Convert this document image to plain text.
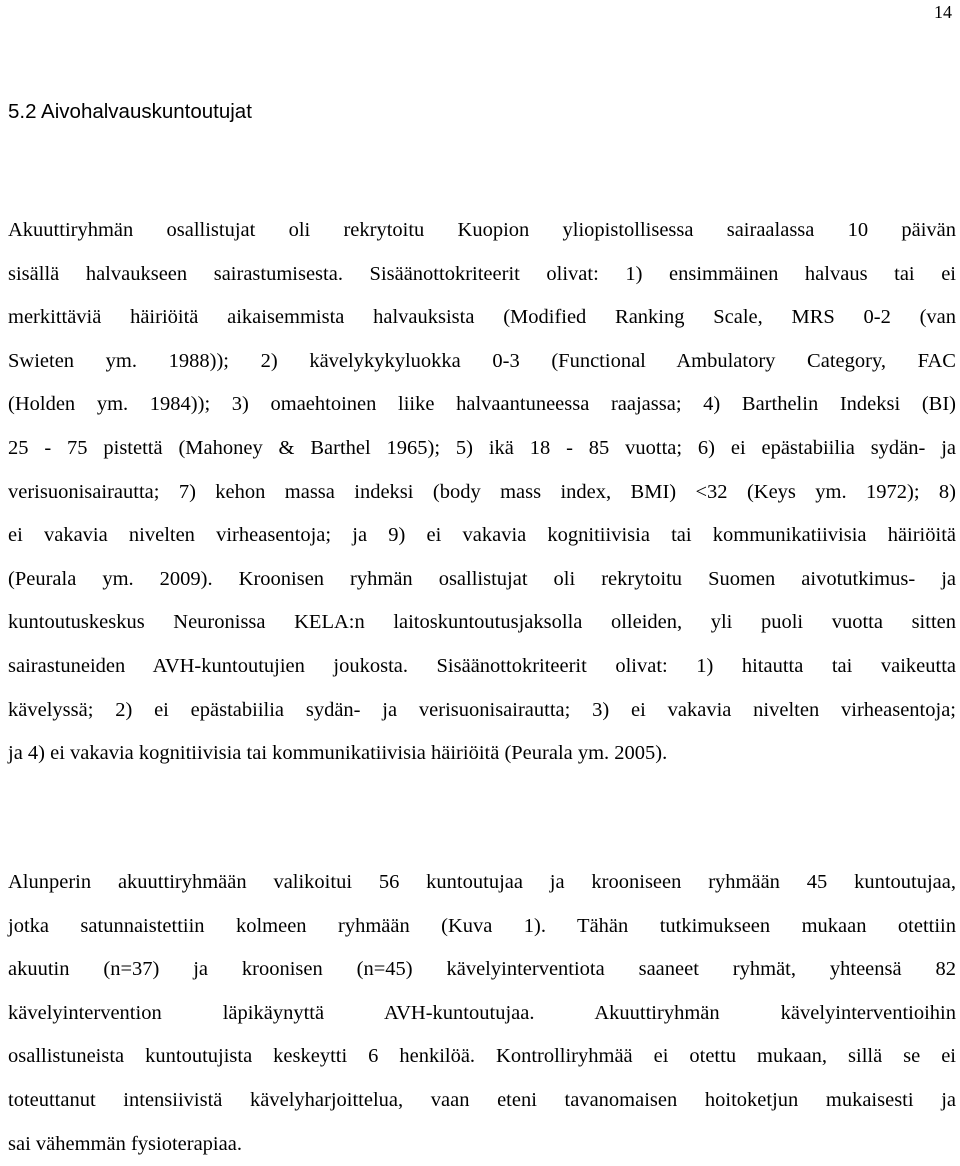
14
5.2 Aivohalvauskuntoutujat
Akuuttiryhmän osallistujat oli rekrytoitu Kuopion yliopistollisessa sairaalassa 10 päivän
sisällä halvaukseen sairastumisesta. Sisäänottokriteerit olivat: 1) ensimmäinen halvaus tai ei
merkittäviä häiriöitä aikaisemmista halvauksista (Modified Ranking Scale, MRS 0-2 (van
Swieten ym. 1988)); 2) kävelykykyluokka 0-3 (Functional Ambulatory Category, FAC
(Holden ym. 1984)); 3) omaehtoinen liike halvaantuneessa raajassa; 4) Barthelin Indeksi (BI)
25 - 75 pistettä (Mahoney & Barthel 1965); 5) ikä 18 - 85 vuotta; 6) ei epästabiilia sydän- ja
verisuonisairautta; 7) kehon massa indeksi (body mass index, BMI) <32 (Keys ym. 1972); 8)
ei vakavia nivelten virheasentoja; ja 9) ei vakavia kognitiivisia tai kommunikatiivisia häiriöitä
(Peurala ym. 2009). Kroonisen ryhmän osallistujat oli rekrytoitu Suomen aivotutkimus- ja
kuntoutuskeskus Neuronissa KELA:n laitoskuntoutusjaksolla olleiden, yli puoli vuotta sitten
sairastuneiden AVH-kuntoutujien joukosta. Sisäänottokriteerit olivat: 1) hitautta tai vaikeutta
kävelyssä; 2) ei epästabiilia sydän- ja verisuonisairautta; 3) ei vakavia nivelten virheasentoja;
ja 4) ei vakavia kognitiivisia tai kommunikatiivisia häiriöitä (Peurala ym. 2005).
Alunperin akuuttiryhmään valikoitui 56 kuntoutujaa ja krooniseen ryhmään 45 kuntoutujaa,
jotka satunnaistettiin kolmeen ryhmään (Kuva 1). Tähän tutkimukseen mukaan otettiin
akuutin (n=37) ja kroonisen (n=45) kävelyinterventiota saaneet ryhmät, yhteensä 82
kävelyintervention läpikäynyttä AVH-kuntoutujaa. Akuuttiryhmän kävelyinterventioihin
osallistuneista kuntoutujista keskeytti 6 henkilöä. Kontrolliryhmää ei otettu mukaan, sillä se ei
toteuttanut intensiivistä kävelyharjoittelua, vaan eteni tavanomaisen hoitoketjun mukaisesti ja
sai vähemmän fysioterapiaa.
